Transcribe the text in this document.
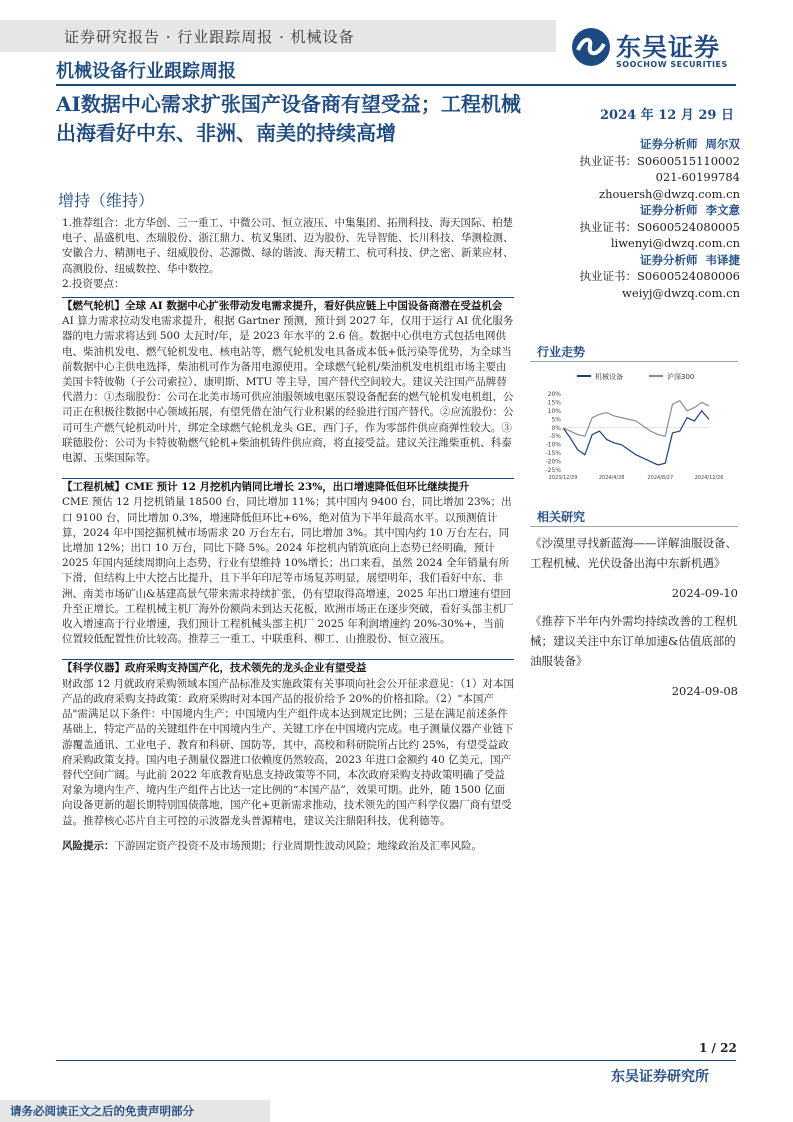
证券研究报告 · 行业跟踪周报 · 机械设备
机械设备行业跟踪周报
东吴证券
SOOCHOW SECURITIES
AI数据中心需求扩张国产设备商有望受益；工程机械出海看好中东、非洲、南美的持续高增
增持（维持）
2024 年 12 月 29 日
证券分析师 周尔双
执业证书：S0600515110002
021-60199784
zhouersh@dwzq.com.cn
证券分析师 李文意
执业证书：S0600524080005
liwenyi@dwzq.com.cn
证券分析师 韦译捷
执业证书：S0600524080006
weiyj@dwzq.com.cn
行业走势
机械设备	沪深300
20%
15%
10%
5%
0%
-5%
-10%
-15%
-20%
-25%
2023/12/29	2024/4/28	2024/8/27	2024/12/26
相关研究
《沙漠里寻找新蓝海——详解油服设备、工程机械、光伏设备出海中东新机遇》
2024-09-10
《推荐下半年内外需均持续改善的工程机械；建议关注中东订单加速&估值底部的油服装备》
2024-09-08

1.推荐组合：北方华创、三一重工、中微公司、恒立液压、中集集团、拓荆科技、海天国际、柏楚电子、晶盛机电、杰瑞股份、浙江鼎力、杭叉集团、迈为股份、先导智能、长川科技、华测检测、安徽合力、精测电子、纽威股份、芯源微、绿的谐波、海天精工、杭可科技、伊之密、新莱应材、高测股份、纽威数控、华中数控。

2.投资要点：

【燃气轮机】全球 AI 数据中心扩张带动发电需求提升，看好供应链上中国设备商潜在受益机会

AI 算力需求拉动发电需求提升，根据 Gartner 预测，预计到 2027 年，仅用于运行 AI 优化服务器的电力需求将达到 500 太瓦时/年，是 2023 年水平的 2.6 倍。数据中心供电方式包括电网供电、柴油机发电、燃气轮机发电、核电站等，燃气轮机发电具备成本低+低污染等优势，为全球当前数据中心主供电选择，柴油机可作为备用电源使用。全球燃气轮机/柴油机发电机组市场主要由美国卡特彼勒（子公司索拉）、康明斯、MTU 等主导，国产替代空间较大。建议关注国产品牌替代潜力：①杰瑞股份：公司在北美市场可供应油服领域电驱压裂设备配套的燃气轮机发电机组，公司正在积极往数据中心领域拓展，有望凭借在油气行业积累的经验进行国产替代。②应流股份：公司可生产燃气轮机动叶片，绑定全球燃气轮机龙头 GE、西门子，作为零部件供应商弹性较大。③联德股份：公司为卡特彼勒燃气轮机+柴油机铸件供应商，将直接受益。建议关注潍柴重机、科泰电源、玉柴国际等。

【工程机械】CME 预计 12 月挖机内销同比增长 23%，出口增速降低但环比继续提升

CME 预估 12 月挖机销量 18500 台，同比增加 11%；其中国内 9400 台，同比增加 23%；出口 9100 台，同比增加 0.3%，增速降低但环比+6%，绝对值为下半年最高水平。以预测值计算，2024 年中国挖掘机械市场需求 20 万台左右，同比增加 3%。其中国内约 10 万台左右，同比增加 12%；出口 10 万台，同比下降 5%。2024 年挖机内销筑底向上态势已经明确，预计 2025 年国内延续周期向上态势，行业有望维持 10%增长；出口来看，虽然 2024 全年销量有所下滑，但结构上中大挖占比提升，且下半年印尼等市场复苏明显，展望明年，我们看好中东、非洲、南美市场矿山&基建高景气带来需求持续扩张，仍有望取得高增速，2025 年出口增速有望回升至正增长。工程机械主机厂海外份额尚未到达天花板，欧洲市场正在逐步突破，看好头部主机厂收入增速高于行业增速，我们预计工程机械头部主机厂 2025 年利润增速约 20%-30%+，当前位置较低配置性价比较高。推荐三一重工、中联重科、柳工、山推股份、恒立液压。

【科学仪器】政府采购支持国产化，技术领先的龙头企业有望受益

财政部 12 月就政府采购领域本国产品标准及实施政策有关事项向社会公开征求意见：（1）对本国产品的政府采购支持政策：政府采购时对本国产品的报价给予 20%的价格扣除。（2）"本国产品"需满足以下条件：中国境内生产；中国境内生产组件成本达到规定比例；三是在满足前述条件基础上，特定产品的关键组件在中国境内生产、关键工序在中国境内完成。电子测量仪器产业链下游覆盖通讯、工业电子、教育和科研、国防等，其中，高校和科研院所占比约 25%，有望受益政府采购政策支持。国内电子测量仪器进口依赖度仍然较高，2023 年进口金额约 40 亿美元，国产替代空间广阔。与此前 2022 年底教育贴息支持政策等不同，本次政府采购支持政策明确了受益对象为境内生产、境内生产组件占比达一定比例的“本国产品”，效果可期。此外，随 1500 亿面向设备更新的超长期特别国债落地，国产化+更新需求推动，技术领先的国产科学仪器厂商有望受益。推荐核心芯片自主可控的示波器龙头普源精电，建议关注鼎阳科技，优利德等。

风险提示：下游固定资产投资不及市场预期；行业周期性波动风险；地缘政治及汇率风险。

1 / 22
东吴证券研究所
请务必阅读正文之后的免责声明部分
